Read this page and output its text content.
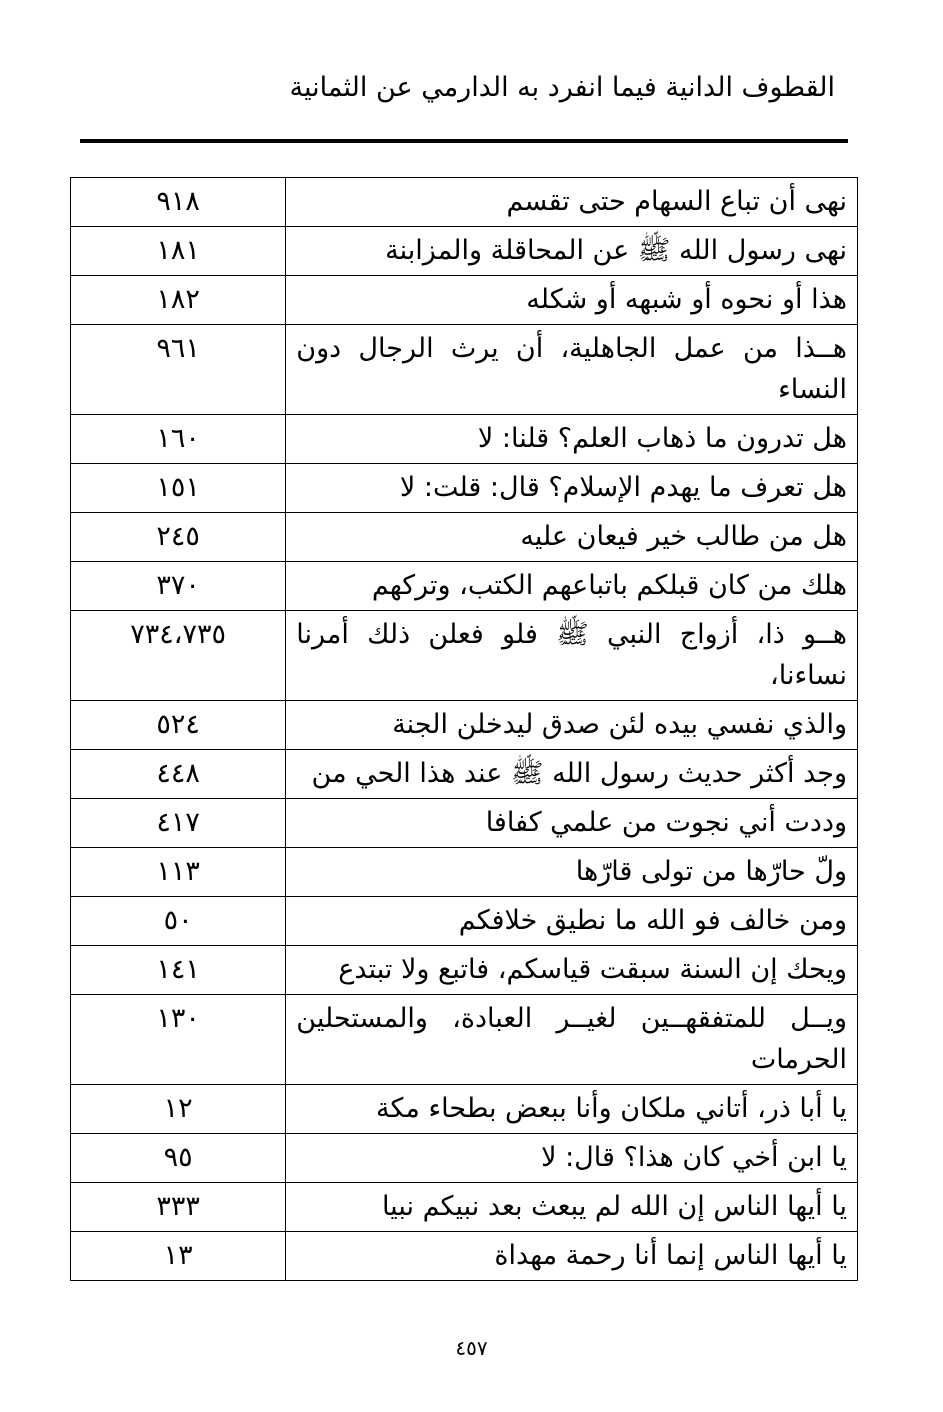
القطوف الدانية فيما انفرد به الدارمي عن الثمانية
نهى أن تباع السهام حتى تقسم	٩١٨
نهى رسول الله ﷺ عن المحاقلة والمزابنة	١٨١
هذا أو نحوه أو شبهه أو شكله	١٨٢
هــذا من عمل الجاهلية، أن يرث الرجال دون النساء	٩٦١
هل تدرون ما ذهاب العلم؟ قلنا: لا	١٦٠
هل تعرف ما يهدم الإسلام؟ قال: قلت: لا	١٥١
هل من طالب خير فيعان عليه	٢٤٥
هلك من كان قبلكم باتباعهم الكتب، وتركهم	٣٧٠
هــو ذا، أزواج النبي ﷺ فلو فعلن ذلك أمرنا نساءنا،	٧٣٤،٧٣٥
والذي نفسي بيده لئن صدق ليدخلن الجنة	٥٢٤
وجد أكثر حديث رسول الله ﷺ عند هذا الحي من	٤٤٨
وددت أني نجوت من علمي كفافا	٤١٧
ولّ حارّها من تولى قارّها	١١٣
ومن خالف فو الله ما نطيق خلافكم	٥٠
ويحك إن السنة سبقت قياسكم، فاتبع ولا تبتدع	١٤١
ويــل للمتفقهــين لغيــر العبادة، والمستحلين الحرمات	١٣٠
يا أبا ذر، أتاني ملكان وأنا ببعض بطحاء مكة	١٢
يا ابن أخي كان هذا؟ قال: لا	٩٥
يا أيها الناس إن الله لم يبعث بعد نبيكم نبيا	٣٣٣
يا أيها الناس إنما أنا رحمة مهداة	١٣
٤٥٧
